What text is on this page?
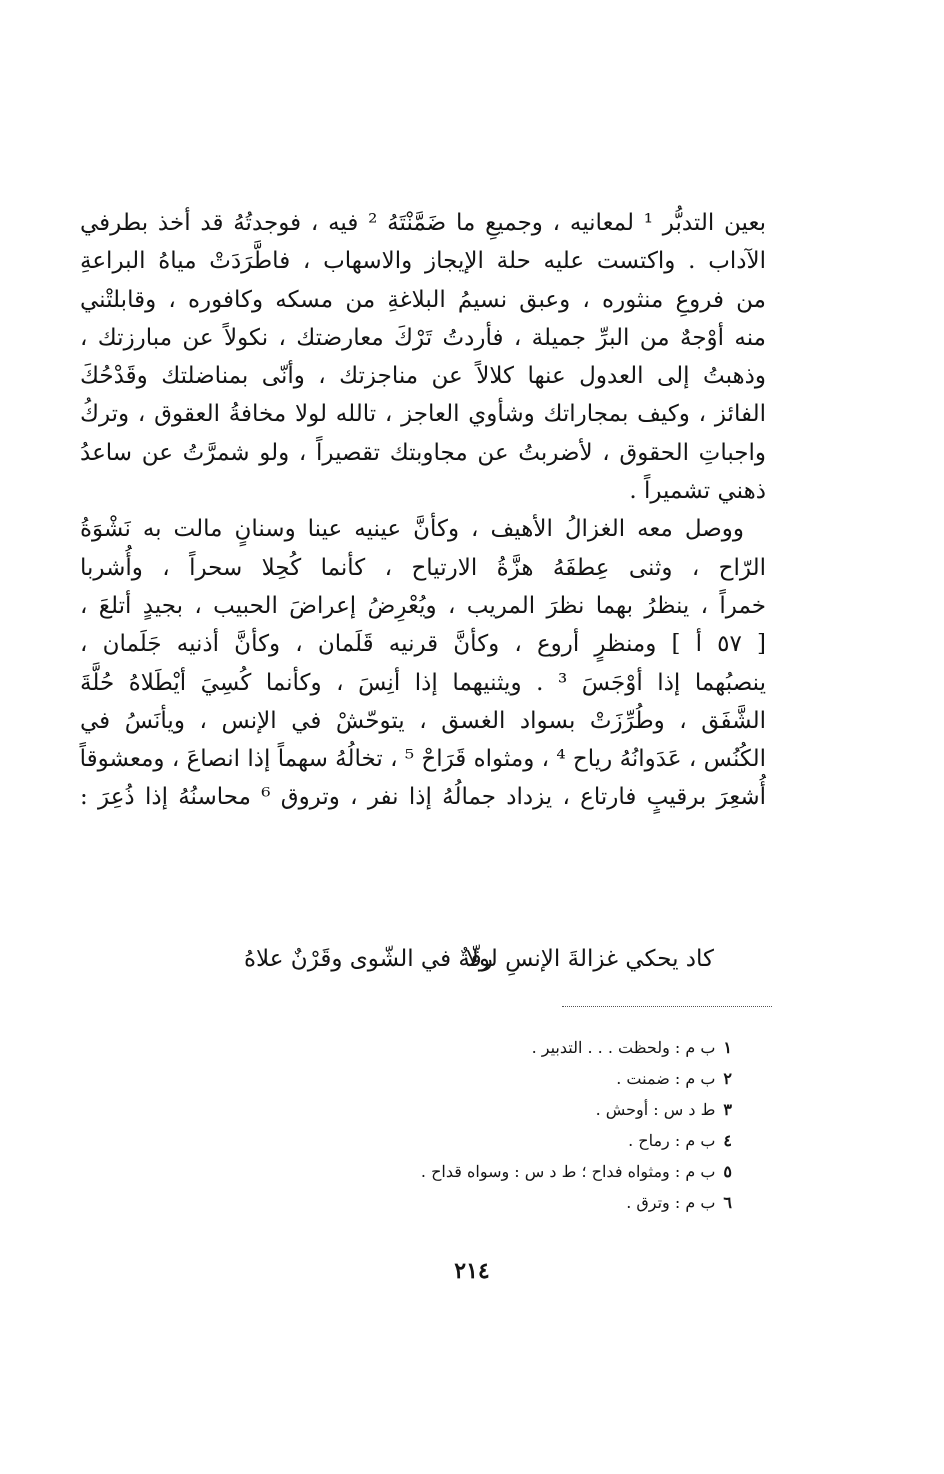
بعين التدبُّر ¹ لمعانيه ، وجميعِ ما ضَمَّنْتَهُ ² فيه ، فوجدتُهُ قد أخذ بطرفي
الآداب . واكتست عليه حلة الإيجاز والاسهاب ، فاطَّرَدَتْ مياهُ البراعةِ
من فروعِ منثوره ، وعبق نسيمُ البلاغةِ من مسكه وكافوره ، وقابلتْني
منه أوْجهٌ من البرِّ جميلة ، فأردتُ تَرْكَ معارضتك ، نكولاً عن مبارزتك ،
وذهبتُ إلى العدول عنها كلالاً عن مناجزتك ، وأنّى بمناضلتك وقَدْحُكَ
الفائز ، وكيف بمجاراتك وشأوي العاجز ، تالله لولا مخافةُ العقوق ، وتركُ
واجباتِ الحقوق ، لأضربتُ عن مجاوبتك تقصيراً ، ولو شمرَّتُ عن ساعدُ
ذهني تشميراً .
ووصل معه الغزالُ الأهيف ، وكأنَّ عينيه عينا وسنانٍ مالت به نَشْوَةُ
الرّاح ، وثنى عِطفَهُ هزَّةُ الارتياح ، كأنما كُحِلا سحراً ، وأُشربا
خمراً ، ينظرُ بهما نظرَ المريب ، ويُعْرِضُ إعراضَ الحبيب ، بجيدٍ أتلعَ ،
[ ٥٧ أ ] ومنظرٍ أروع ، وكأنَّ قرنيه قَلَمان ، وكأنَّ أذنيه جَلَمان ،
ينصبُهما إذا أوْجَسَ ³ . ويثنيهما إذا أنِسَ ، وكأنما كُسِيَ أيْطَلاهُ حُلَّةَ
الشَّفَق ، وطُرِّزَتْ بسواد الغسق ، يتوحّشْ في الإنس ، ويأنَسُ في
الكُنُس ، عَدَوانُهُ رياح ⁴ ، ومثواه قَرَاحْ ⁵ ، تخالُهُ سهماً إذا انصاعَ ، ومعشوقاً
أُشعِرَ برقيبٍ فارتاع ، يزداد جمالُهُ إذا نفر ، وتروق ⁶ محاسنُهُ إذا ذُعِرَ :
كاد يحكي غزالةَ الإنسِ لولا
رقّةٌ في الشّوى وقَرْنٌ علاهُ
١ب م : ولحظت . . . التدبير .
٢ب م : ضمنت .
٣ط د س : أوحش .
٤ب م : رماح .
٥ب م : ومثواه فداح ؛ ط د س : وسواه قداح .
٦ب م : وترق .
٢١٤
